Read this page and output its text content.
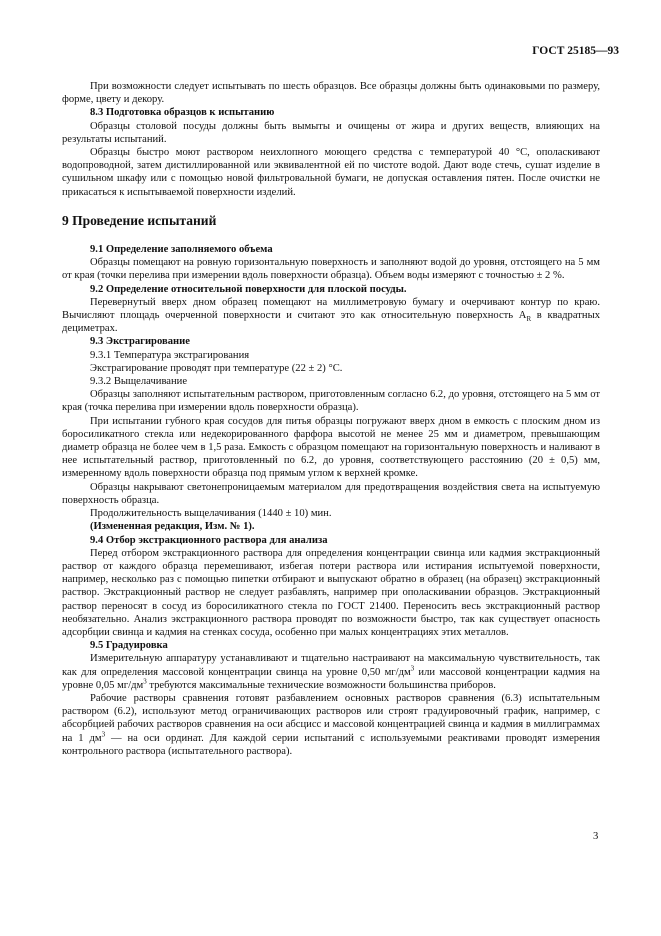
ГОСТ 25185—93

При возможности следует испытывать по шесть образцов. Все образцы должны быть одинаковыми по размеру, форме, цвету и декору.

8.3 Подготовка образцов к испытанию

Образцы столовой посуды должны быть вымыты и очищены от жира и других веществ, влияющих на результаты испытаний.

Образцы быстро моют раствором неихлопного моющего средства с температурой 40 °С, ополаскивают водопроводной, затем дистиллированной или эквивалентной ей по чистоте водой. Дают воде стечь, сушат изделие в сушильном шкафу или с помощью новой фильтровальной бумаги, не допуская оставления пятен. После очистки не прикасаться к испытываемой поверхности изделий.

9 Проведение испытаний

9.1 Определение заполняемого объема

Образцы помещают на ровную горизонтальную поверхность и заполняют водой до уровня, отстоящего на 5 мм от края (точки перелива при измерении вдоль поверхности образца). Объем воды измеряют с точностью ± 2 %.

9.2 Определение относительной поверхности для плоской посуды.

Перевернутый вверх дном образец помещают на миллиметровую бумагу и очерчивают контур по краю. Вычисляют площадь очерченной поверхности и считают это как относительную поверхность $A_R$ в квадратных дециметрах.

9.3 Экстрагирование

9.3.1 Температура экстрагирования

Экстрагирование проводят при температуре (22 ± 2) °С.

9.3.2 Выщелачивание

Образцы заполняют испытательным раствором, приготовленным согласно 6.2, до уровня, отстоящего на 5 мм от края (точка перелива при измерении вдоль поверхности образца).

При испытании губного края сосудов для питья образцы погружают вверх дном в емкость с плоским дном из боросиликатного стекла или недекорированного фарфора высотой не менее 25 мм и диаметром, превышающим диаметр образца не более чем в 1,5 раза. Емкость с образцом помещают на горизонтальную поверхность и наливают в нее испытательный раствор, приготовленный по 6.2, до уровня, соответствующего расстоянию (20 ± 0,5) мм, измеренному вдоль поверхности образца под прямым углом к верхней кромке.

Образцы накрывают светонепроницаемым материалом для предотвращения воздействия света на испытуемую поверхность образца.

Продолжительность выщелачивания (1440 ± 10) мин.

(Измененная редакция, Изм. № 1).

9.4 Отбор экстракционного раствора для анализа

Перед отбором экстракционного раствора для определения концентрации свинца или кадмия экстракционный раствор от каждого образца перемешивают, избегая потери раствора или истирания испытуемой поверхности, например, несколько раз с помощью пипетки отбирают и выпускают обратно в образец (на образец) экстракционный раствор. Экстракционный раствор не следует разбавлять, например при ополаскивании образцов. Экстракционный раствор переносят в сосуд из боросиликатного стекла по ГОСТ 21400. Переносить весь экстракционный раствор необязательно. Анализ экстракционного раствора проводят по возможности быстро, так как существует опасность адсорбции свинца и кадмия на стенках сосуда, особенно при малых концентрациях этих металлов.

9.5 Градуировка

Измерительную аппаратуру устанавливают и тщательно настраивают на максимальную чувствительность, так как для определения массовой концентрации свинца на уровне 0,50 $мг/дм^3$ или массовой концентрации кадмия на уровне 0,05 $мг/дм^3$ требуются максимальные технические возможности большинства приборов.

Рабочие растворы сравнения готовят разбавлением основных растворов сравнения (6.3) испытательным раствором (6.2), используют метод ограничивающих растворов или строят градуировочный график, например, с абсорбцией рабочих растворов сравнения на оси абсцисс и массовой концентрацией свинца и кадмия в миллиграммах на 1 $дм^3$ — на оси ординат. Для каждой серии испытаний с используемыми реактивами проводят измерения контрольного раствора (испытательного раствора).

3
